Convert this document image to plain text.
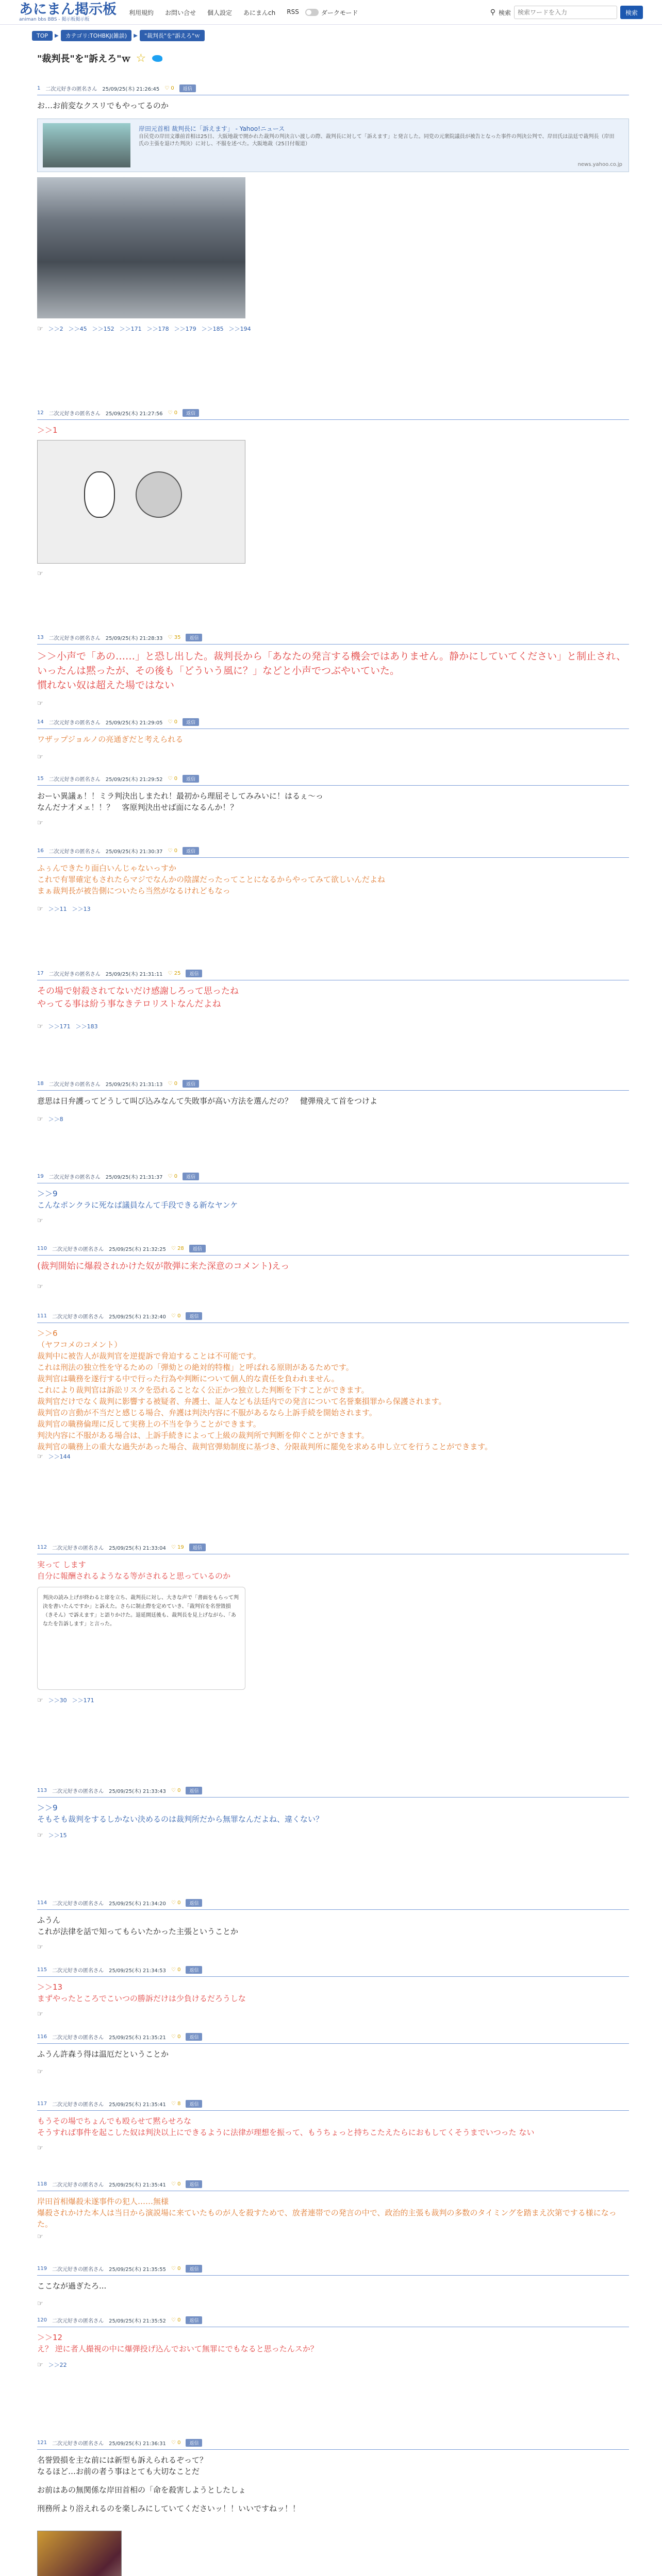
あにまん掲示板
animan bbs BBS - 掲示板掲示板
利用規約 お問い合せ 個人設定 あにまんch RSS	ダークモード	⚲ 検索
検索ワードを入力	検索
TOP	▶	カテゴリ:TOHBKJ(雑談)	▶	"裁判長"を"訴えろ"ｗ
"裁判長"を"訴えろ"ｗ ☆
1 二次元好きの匿名さん 25/09/25(木) 21:26:45 ♡ 0	返信
お…お前変なクスリでもやってるのか
岸田元首相 裁判長に「訴えます」 - Yahoo!ニュース
自民党の岸田文雄前首相は25日、大阪地裁で開かれた裁判の判決言い渡しの際、裁判長に対して「訴えます」と発言した。同党の元衆院議員が被告となった事件の判決公判で、岸田氏は法廷で裁判長（岸田氏の主張を退けた判決）に対し、不服を述べた。大阪地裁（25日付報道）
news.yahoo.co.jp
☞ ＞＞2 ＞＞45 ＞＞152 ＞＞171 ＞＞178 ＞＞179 ＞＞185 ＞＞194
12 二次元好きの匿名さん 25/09/25(木) 21:27:56 ♡ 0	返信
＞＞1
☞
13 二次元好きの匿名さん 25/09/25(木) 21:28:33 ♡ 35	返信
＞＞小声で「あの……」と恐し出した。裁判長から「あなたの発言する機会ではありません。静かにしていてください」と制止され、いったんは黙ったが、その後も「どういう風に？」などと小声でつぶやいていた。
慣れない奴は超えた場ではない
☞
14 二次元好きの匿名さん 25/09/25(木) 21:29:05 ♡ 0	返信
ワザップジョルノの亮通ぎだと考えられる
☞
15 二次元好きの匿名さん 25/09/25(木) 21:29:52 ♡ 0	返信
おーい異議ぁ！！ミラ判決出しまたれ！最初から理屈そしてみみいに！はるぇ～っ
なんだナ才メェ！！？　客原判決出せば面になるんか！？
☞
16 二次元好きの匿名さん 25/09/25(木) 21:30:37 ♡ 0	返信
ふぅんできたり面白いんじゃないっすか
これで有罪確定もされたらマジでなんかの陰謀だったってことになるからやってみて欲しいんだよね
まぁ裁判長が被告側についたら当然がなるけれどもなっ
☞ ＞＞11 ＞＞13
17 二次元好きの匿名さん 25/09/25(木) 21:31:11 ♡ 25	返信
その場で射殺されてないだけ感謝しろって思ったね
やってる事は紛う事なきテロリストなんだよね
☞ ＞＞171 ＞＞183
18 二次元好きの匿名さん 25/09/25(木) 21:31:13 ♡ 0	返信
意思は日弁護ってどうして叫び込みなんて失敗事が高い方法を選んだの？　健弾飛えて首をつけよ
☞ ＞＞8
19 二次元好きの匿名さん 25/09/25(木) 21:31:37 ♡ 0	返信
＞＞9
こんなポンクラに死なば議員なんて手段できる新なヤンケ
☞
110 二次元好きの匿名さん 25/09/25(木) 21:32:25 ♡ 28	返信
(裁判開始に爆殺されかけた奴が散弾に来た深意のコメント)えっ
☞
111 二次元好きの匿名さん 25/09/25(木) 21:32:40 ♡ 0	返信
＞＞6
（ヤフコメのコメント）
裁判中に被告人が裁判官を逆提訴で脅迫することは不可能です。
これは刑法の独立性を守るための「弾劾との絶対的特権」と呼ばれる原則があるためです。
裁判官は職務を遂行する中で行った行為や判断について個人的な責任を負われません。
これにより裁判官は訴訟リスクを恐れることなく公正かつ独立した判断を下すことができます。
裁判官だけでなく裁判に影響する被疑者、弁護士、証人なども法廷内での発言について名誉棄損罪から保護されます。
裁判官の言動が不当だと感じる場合、弁護は判決内容に不服があるなら上訴手続を開始されます。
裁判官の職務倫理に反して実務上の不当を争うことができます。
判決内容に不服がある場合は、上訴手続きによって上級の裁判所で判断を仰ぐことができます。
裁判官の職務上の重大な過失があった場合、裁判官弾劾制度に基づき、分限裁判所に罷免を求める申し立てを行うことができます。
☞ ＞＞144
112 二次元好きの匿名さん 25/09/25(木) 21:33:04 ♡ 19	返信
実って します
自分に報酬されるようなる等がされると思っているのか
判決の読み上げが終わると席を立ち、裁判長に対し、大きな声で「書面をもらって判決を書いたんですか」と訴えた。さらに制止際を定めていき、「裁判官を名誉毀損（きそん）で訴えます」と語りかけた。退延開廷後も、裁判長を見上げながら、「あなたを告訴します」と言った。
☞ ＞＞30 ＞＞171
113 二次元好きの匿名さん 25/09/25(木) 21:33:43 ♡ 0	返信
＞＞9
そもそも裁判をするしかない決めるのは裁判所だから無罪なんだよね、違くない？
☞ ＞＞15
114 二次元好きの匿名さん 25/09/25(木) 21:34:20 ♡ 0	返信
ふうん
これが法律を話で知ってもらいたかった主張ということか
☞
115 二次元好きの匿名さん 25/09/25(木) 21:34:53 ♡ 0	返信
＞＞13
まずやったところでこいつの勝訴だけは少負けるだろうしな
☞
116 二次元好きの匿名さん 25/09/25(木) 21:35:21 ♡ 0	返信
ふうん許森う得は温厄だということか
☞
117 二次元好きの匿名さん 25/09/25(木) 21:35:41 ♡ 8	返信
もうその場でちょんでも殴らせて黙らせろな
そうすれば事件を起こした奴は判決以上にできるように法律が理想を振って、もうちょっと持ちこたえたらにおもしてくそうまでいつった ない
☞
118 二次元好きの匿名さん 25/09/25(木) 21:35:41 ♡ 0	返信
岸田首相爆殺未遂事件の犯人……無様
爆殺されかけた本人は当日から演説場に来ていたものが人を殺すためで、放者連帯での発言の中で、政治的主張も裁判の多数のタイミングを踏まえ次第でする様になった。
☞
119 二次元好きの匿名さん 25/09/25(木) 21:35:55 ♡ 0	返信
ここなが過ぎたろ...
☞
120 二次元好きの匿名さん 25/09/25(木) 21:35:52 ♡ 0	返信
＞＞12
え？ 逆に者人撮視の中に爆弾投げ込んでおいて無罪にでもなると思ったんスか？
☞ ＞＞22
121 二次元好きの匿名さん 25/09/25(木) 21:36:31 ♡ 0	返信
名誉毀損を主な前には新型も訴えられるぞって？
なるほど…お前の者う事はとても大切なことだ
お前はあの無関係な岸田首相の「命を殺害しようとしたしょ
刑務所より浴えれるのを楽しみにしていてくださいッ！！いいですねッ！！
